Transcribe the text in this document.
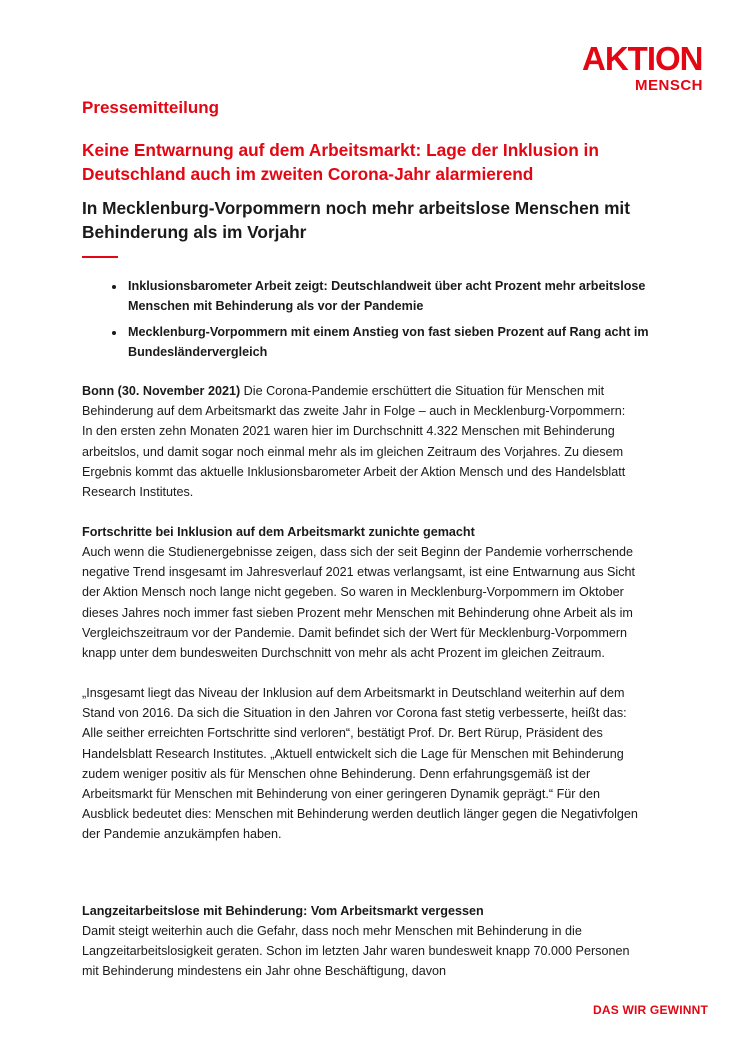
AKTION
MENSCH

Pressemitteilung

Keine Entwarnung auf dem Arbeitsmarkt: Lage der Inklusion in Deutschland auch im zweiten Corona-Jahr alarmierend
In Mecklenburg-Vorpommern noch mehr arbeitslose Menschen mit Behinderung als im Vorjahr
• Inklusionsbarometer Arbeit zeigt: Deutschlandweit über acht Prozent mehr arbeitslose Menschen mit Behinderung als vor der Pandemie
• Mecklenburg-Vorpommern mit einem Anstieg von fast sieben Prozent auf Rang acht im Bundesländervergleich

Bonn (30. November 2021) Die Corona-Pandemie erschüttert die Situation für Menschen mit Behinderung auf dem Arbeitsmarkt das zweite Jahr in Folge – auch in Mecklenburg-Vorpommern: In den ersten zehn Monaten 2021 waren hier im Durchschnitt 4.322 Menschen mit Behinderung arbeitslos, und damit sogar noch einmal mehr als im gleichen Zeitraum des Vorjahres. Zu diesem Ergebnis kommt das aktuelle Inklusionsbarometer Arbeit der Aktion Mensch und des Handelsblatt Research Institutes.

Fortschritte bei Inklusion auf dem Arbeitsmarkt zunichte gemacht

Auch wenn die Studienergebnisse zeigen, dass sich der seit Beginn der Pandemie vorherrschende negative Trend insgesamt im Jahresverlauf 2021 etwas verlangsamt, ist eine Entwarnung aus Sicht der Aktion Mensch noch lange nicht gegeben. So waren in Mecklenburg-Vorpommern im Oktober dieses Jahres noch immer fast sieben Prozent mehr Menschen mit Behinderung ohne Arbeit als im Vergleichszeitraum vor der Pandemie. Damit befindet sich der Wert für Mecklenburg-Vorpommern knapp unter dem bundesweiten Durchschnitt von mehr als acht Prozent im gleichen Zeitraum.

„Insgesamt liegt das Niveau der Inklusion auf dem Arbeitsmarkt in Deutschland weiterhin auf dem Stand von 2016. Da sich die Situation in den Jahren vor Corona fast stetig verbesserte, heißt das: Alle seither erreichten Fortschritte sind verloren“, bestätigt Prof. Dr. Bert Rürup, Präsident des Handelsblatt Research Institutes. „Aktuell entwickelt sich die Lage für Menschen mit Behinderung zudem weniger positiv als für Menschen ohne Behinderung. Denn erfahrungsgemäß ist der Arbeitsmarkt für Menschen mit Behinderung von einer geringeren Dynamik geprägt.“ Für den Ausblick bedeutet dies: Menschen mit Behinderung werden deutlich länger gegen die Negativfolgen der Pandemie anzukämpfen haben.

Langzeitarbeitslose mit Behinderung: Vom Arbeitsmarkt vergessen

Damit steigt weiterhin auch die Gefahr, dass noch mehr Menschen mit Behinderung in die Langzeitarbeitslosigkeit geraten. Schon im letzten Jahr waren bundesweit knapp 70.000 Personen mit Behinderung mindestens ein Jahr ohne Beschäftigung, davon

DAS WIR GEWINNT
